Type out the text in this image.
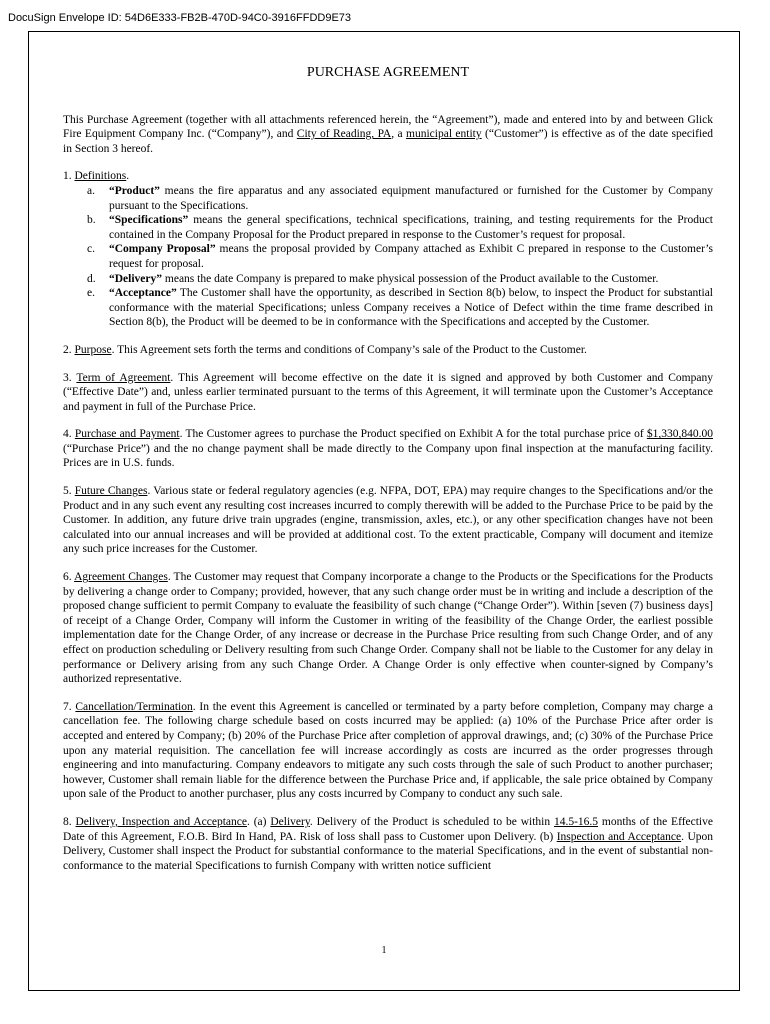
DocuSign Envelope ID: 54D6E333-FB2B-470D-94C0-3916FFDD9E73
PURCHASE AGREEMENT

This Purchase Agreement (together with all attachments referenced herein, the “Agreement”), made and entered into by and between Glick Fire Equipment Company Inc. (“Company”), and City of Reading, PA, a municipal entity (“Customer”) is effective as of the date specified in Section 3 hereof.

1. Definitions.
a. “Product” means the fire apparatus and any associated equipment manufactured or furnished for the Customer by Company pursuant to the Specifications.
b. “Specifications” means the general specifications, technical specifications, training, and testing requirements for the Product contained in the Company Proposal for the Product prepared in response to the Customer’s request for proposal.
c. “Company Proposal” means the proposal provided by Company attached as Exhibit C prepared in response to the Customer’s request for proposal.
d. “Delivery” means the date Company is prepared to make physical possession of the Product available to the Customer.
e. “Acceptance” The Customer shall have the opportunity, as described in Section 8(b) below, to inspect the Product for substantial conformance with the material Specifications; unless Company receives a Notice of Defect within the time frame described in Section 8(b), the Product will be deemed to be in conformance with the Specifications and accepted by the Customer.

2. Purpose. This Agreement sets forth the terms and conditions of Company’s sale of the Product to the Customer.

3. Term of Agreement. This Agreement will become effective on the date it is signed and approved by both Customer and Company (“Effective Date”) and, unless earlier terminated pursuant to the terms of this Agreement, it will terminate upon the Customer’s Acceptance and payment in full of the Purchase Price.

4. Purchase and Payment. The Customer agrees to purchase the Product specified on Exhibit A for the total purchase price of $1,330,840.00 (“Purchase Price”) and the no change payment shall be made directly to the Company upon final inspection at the manufacturing facility. Prices are in U.S. funds.

5. Future Changes. Various state or federal regulatory agencies (e.g. NFPA, DOT, EPA) may require changes to the Specifications and/or the Product and in any such event any resulting cost increases incurred to comply therewith will be added to the Purchase Price to be paid by the Customer. In addition, any future drive train upgrades (engine, transmission, axles, etc.), or any other specification changes have not been calculated into our annual increases and will be provided at additional cost. To the extent practicable, Company will document and itemize any such price increases for the Customer.

6. Agreement Changes. The Customer may request that Company incorporate a change to the Products or the Specifications for the Products by delivering a change order to Company; provided, however, that any such change order must be in writing and include a description of the proposed change sufficient to permit Company to evaluate the feasibility of such change (“Change Order”). Within [seven (7) business days] of receipt of a Change Order, Company will inform the Customer in writing of the feasibility of the Change Order, the earliest possible implementation date for the Change Order, of any increase or decrease in the Purchase Price resulting from such Change Order, and of any effect on production scheduling or Delivery resulting from such Change Order. Company shall not be liable to the Customer for any delay in performance or Delivery arising from any such Change Order. A Change Order is only effective when counter-signed by Company’s authorized representative.

7. Cancellation/Termination. In the event this Agreement is cancelled or terminated by a party before completion, Company may charge a cancellation fee. The following charge schedule based on costs incurred may be applied: (a) 10% of the Purchase Price after order is accepted and entered by Company; (b) 20% of the Purchase Price after completion of approval drawings, and; (c) 30% of the Purchase Price upon any material requisition. The cancellation fee will increase accordingly as costs are incurred as the order progresses through engineering and into manufacturing. Company endeavors to mitigate any such costs through the sale of such Product to another purchaser; however, Customer shall remain liable for the difference between the Purchase Price and, if applicable, the sale price obtained by Company upon sale of the Product to another purchaser, plus any costs incurred by Company to conduct any such sale.

8. Delivery, Inspection and Acceptance. (a) Delivery. Delivery of the Product is scheduled to be within 14.5-16.5 months of the Effective Date of this Agreement, F.O.B. Bird In Hand, PA. Risk of loss shall pass to Customer upon Delivery. (b) Inspection and Acceptance. Upon Delivery, Customer shall inspect the Product for substantial conformance to the material Specifications, and in the event of substantial non-conformance to the material Specifications to furnish Company with written notice sufficient

1
